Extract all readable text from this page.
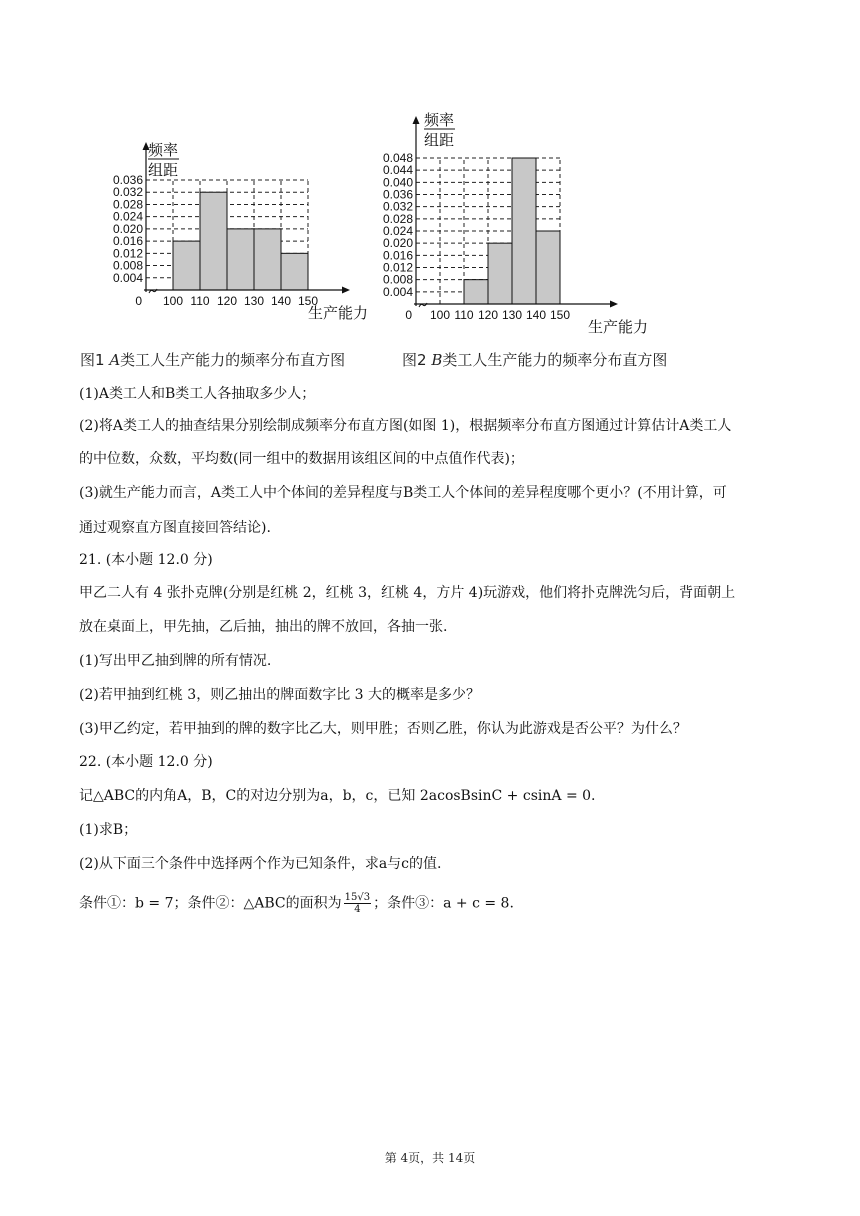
0.004
0.008
0.012
0.016
0.020
0.024
0.028
0.032
0.036
100 110 120 130 140 150
0
频率
组距
生产能力
图1 A类工人生产能力的频率分布直方图
0.004
0.008
0.012
0.016
0.020
0.024
0.028
0.032
0.036
0.040
0.044
0.048
100 110 120 130 140 150
0
频率
组距
生产能力
图2 B类工人生产能力的频率分布直方图
(1)A类工人和B类工人各抽取多少人；
(2)将A类工人的抽查结果分别绘制成频率分布直方图(如图 1)，根据频率分布直方图通过计算估计A类工人
的中位数，众数，平均数(同一组中的数据用该组区间的中点值作代表)；
(3)就生产能力而言，A类工人中个体间的差异程度与B类工人个体间的差异程度哪个更小？(不用计算，可
通过观察直方图直接回答结论).
21. (本小题 12.0 分)
甲乙二人有 4 张扑克牌(分别是红桃 2，红桃 3，红桃 4，方片 4)玩游戏，他们将扑克牌洗匀后，背面朝上
放在桌面上，甲先抽，乙后抽，抽出的牌不放回，各抽一张.
(1)写出甲乙抽到牌的所有情况.
(2)若甲抽到红桃 3，则乙抽出的牌面数字比 3 大的概率是多少？
(3)甲乙约定，若甲抽到的牌的数字比乙大，则甲胜；否则乙胜，你认为此游戏是否公平？为什么？
22. (本小题 12.0 分)
记△ABC的内角A，B，C的对边分别为a，b，c，已知 2acosBsinC + csinA = 0.
(1)求B；
(2)从下面三个条件中选择两个作为已知条件，求a与c的值.
条件①：b = 7；条件②：△ABC的面积为 $\frac{15√3}{4}$ ；条件③：a + c = 8.
第 4页，共 14页
